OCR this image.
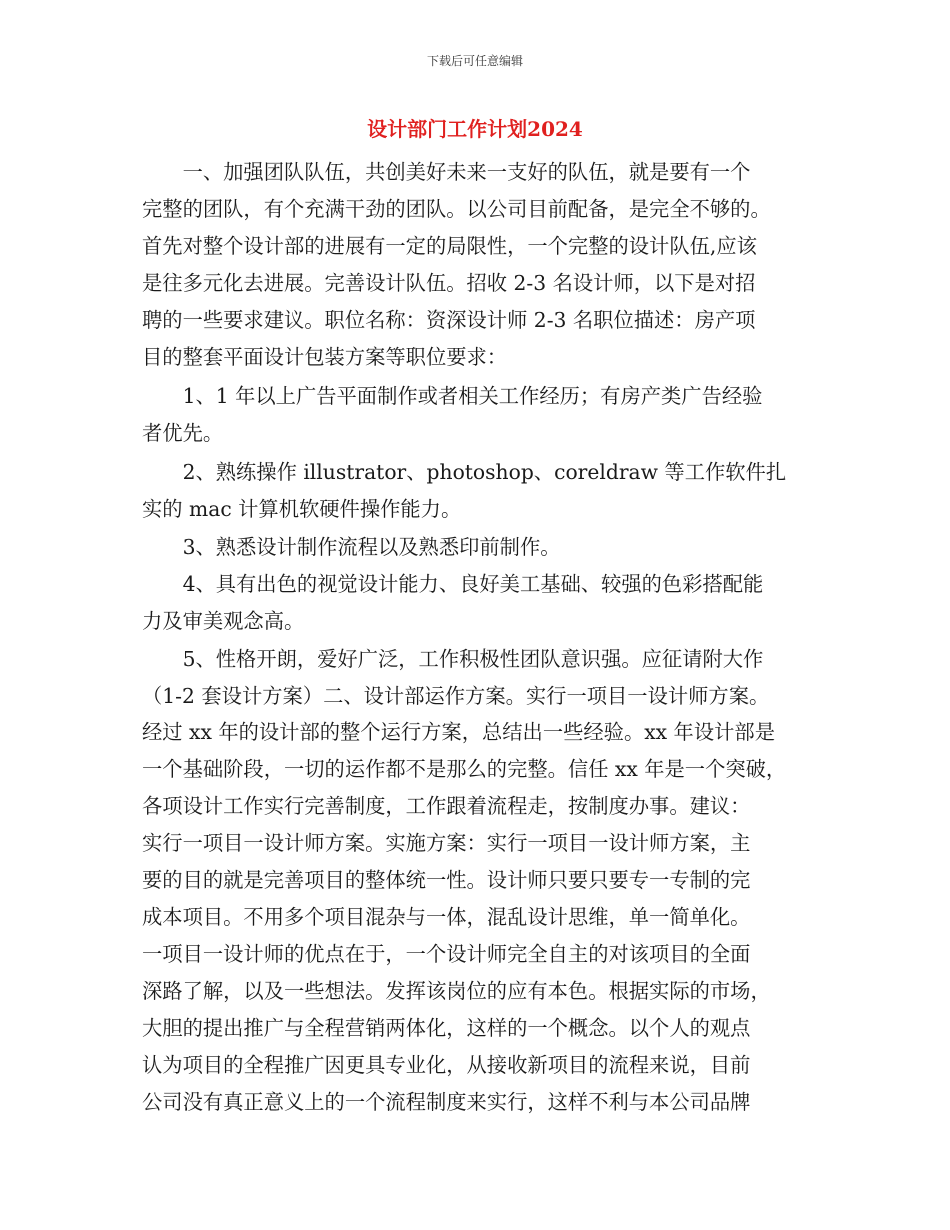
下载后可任意编辑
设计部门工作计划2024
　　一、加强团队队伍，共创美好未来一支好的队伍，就是要有一个
完整的团队，有个充满干劲的团队。以公司目前配备，是完全不够的。
首先对整个设计部的进展有一定的局限性，一个完整的设计队伍,应该
是往多元化去进展。完善设计队伍。招收 2-3 名设计师，以下是对招
聘的一些要求建议。职位名称：资深设计师 2-3 名职位描述：房产项
目的整套平面设计包装方案等职位要求：
　　1、1 年以上广告平面制作或者相关工作经历；有房产类广告经验
者优先。
　　2、熟练操作 illustrator、photoshop、coreldraw 等工作软件扎
实的 mac 计算机软硬件操作能力。
　　3、熟悉设计制作流程以及熟悉印前制作。
　　4、具有出色的视觉设计能力、良好美工基础、较强的色彩搭配能
力及审美观念高。
　　5、性格开朗，爱好广泛，工作积极性团队意识强。应征请附大作
（1-2 套设计方案）二、设计部运作方案。实行一项目一设计师方案。
经过 xx 年的设计部的整个运行方案，总结出一些经验。xx 年设计部是
一个基础阶段，一切的运作都不是那么的完整。信任 xx 年是一个突破，
各项设计工作实行完善制度，工作跟着流程走，按制度办事。建议：
实行一项目一设计师方案。实施方案：实行一项目一设计师方案，主
要的目的就是完善项目的整体统一性。设计师只要只要专一专制的完
成本项目。不用多个项目混杂与一体，混乱设计思维，单一简单化。
一项目一设计师的优点在于，一个设计师完全自主的对该项目的全面
深路了解，以及一些想法。发挥该岗位的应有本色。根据实际的市场，
大胆的提出推广与全程营销两体化，这样的一个概念。以个人的观点
认为项目的全程推广因更具专业化，从接收新项目的流程来说，目前
公司没有真正意义上的一个流程制度来实行，这样不利与本公司品牌
